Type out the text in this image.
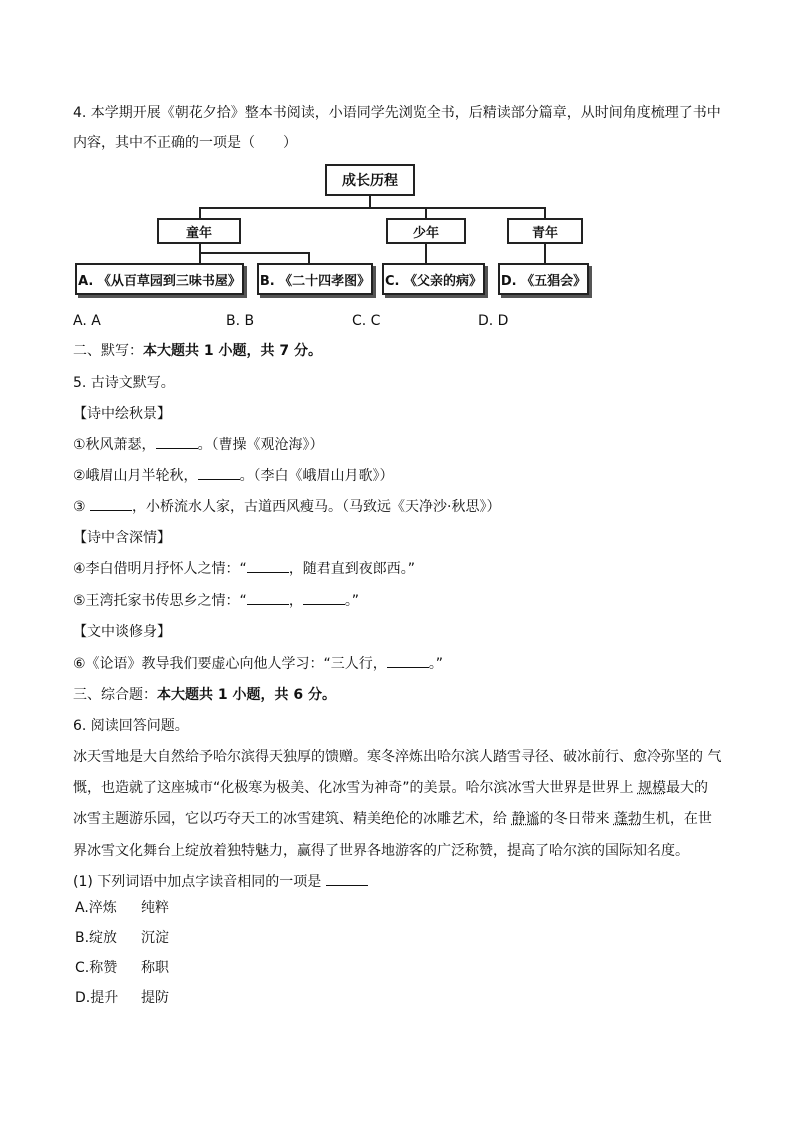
4. 本学期开展《朝花夕拾》整本书阅读，小语同学先浏览全书，后精读部分篇章，从时间角度梳理了书中
内容，其中不正确的一项是（　　）
成长历程
童年	少年	青年
A. 《从百草园到三味书屋》 B. 《二十四孝图》 C. 《父亲的病》 D. 《五猖会》
A. A	B. B	C. C	D. D
二、默写：本大题共 1 小题，共 7 分。
5. 古诗文默写。
【诗中绘秋景】
①秋风萧瑟，	。（曹操《观沧海》）
②峨眉山月半轮秋，	。（李白《峨眉山月歌》）
③	，小桥流水人家，古道西风瘦马。（马致远《天净沙·秋思》）
【诗中含深情】
④李白借明月抒怀人之情：“	，随君直到夜郎西。”
⑤王湾托家书传思乡之情：“	，	。”
【文中谈修身】
⑥《论语》教导我们要虚心向他人学习：“三人行，	。”
三、综合题：本大题共 1 小题，共 6 分。
6. 阅读回答问题。
冰天雪地是大自然给予哈尔滨得天独厚的馈赠。寒冬淬炼出哈尔滨人踏雪寻径、破冰前行、愈冷弥坚的 气
慨，也造就了这座城市“化极寒为极美、化冰雪为神奇”的美景。哈尔滨冰雪大世界是世界上 规模最大的
冰雪主题游乐园，它以巧夺天工的冰雪建筑、精美绝伦的冰雕艺术，给 静谧的冬日带来 蓬勃生机，在世
界冰雪文化舞台上绽放着独特魅力，赢得了世界各地游客的广泛称赞，提高了哈尔滨的国际知名度。
(1) 下列词语中加点字读音相同的一项是
A.淬炼 纯粹
B.绽放 沉淀
C.称赞 称职
D.提升 提防
